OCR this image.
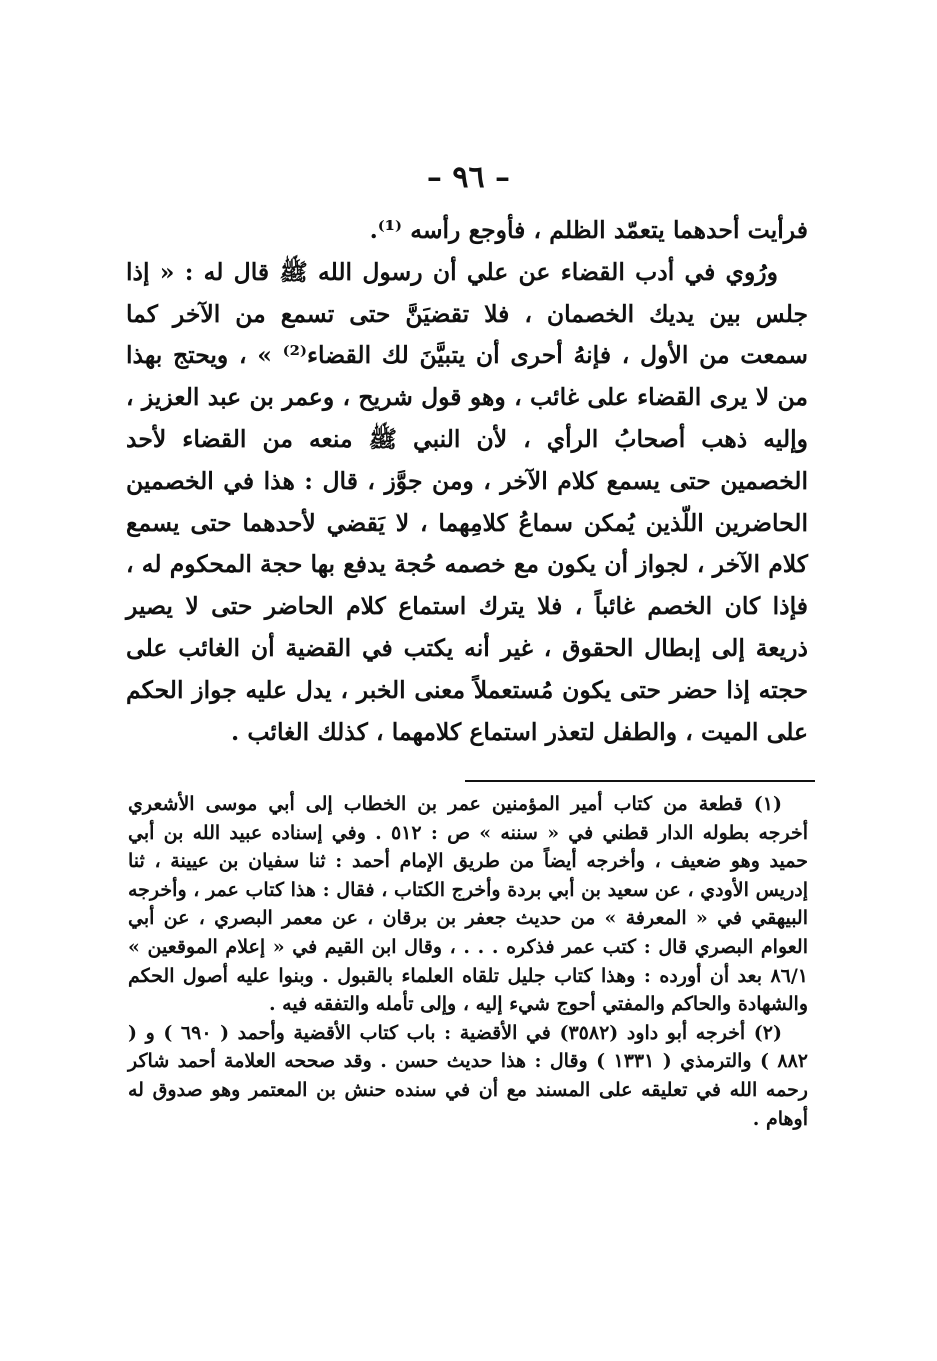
– ٩٦ –

فرأيت أحدهما يتعمّد الظلم ، فأوجع رأسه ⁽¹⁾.

ورُوي في أدب القضاء عن علي أن رسول الله ﷺ قال له : « إذا جلس بين يديك الخصمان ، فلا تقضيَنَّ حتى تسمع من الآخر كما سمعت من الأول ، فإنهُ أحرى أن يتبيَّنَ لك القضاء⁽²⁾ » ، ويحتج بهذا من لا يرى القضاء على غائب ، وهو قول شريح ، وعمر بن عبد العزيز ، وإليه ذهب أصحابُ الرأي ، لأن النبي ﷺ منعه من القضاء لأحد الخصمين حتى يسمع كلام الآخر ، ومن جوَّز ، قال : هذا في الخصمين الحاضرين اللّذين يُمكن سماعُ كلامِهما ، لا يَقضي لأحدهما حتى يسمع كلام الآخر ، لجواز أن يكون مع خصمه حُجة يدفع بها حجة المحكوم له ، فإذا كان الخصم غائباً ، فلا يترك استماع كلام الحاضر حتى لا يصير ذريعة إلى إبطال الحقوق ، غير أنه يكتب في القضية أن الغائب على حجته إذا حضر حتى يكون مُستعملاً معنى الخبر ، يدل عليه جواز الحكم على الميت ، والطفل لتعذر استماع كلامهما ، كذلك الغائب .

(١) قطعة من كتاب أمير المؤمنين عمر بن الخطاب إلى أبي موسى الأشعري أخرجه بطوله الدار قطني في « سننه » ص : ٥١٢ . وفي إسناده عبيد الله بن أبي حميد وهو ضعيف ، وأخرجه أيضاً من طريق الإمام أحمد : ثنا سفيان بن عيينة ، ثنا إدريس الأودي ، عن سعيد بن أبي بردة وأخرج الكتاب ، فقال : هذا كتاب عمر ، وأخرجه البيهقي في « المعرفة » من حديث جعفر بن برقان ، عن معمر البصري ، عن أبي العوام البصري قال : كتب عمر فذكره . . . ، وقال ابن القيم في « إعلام الموقعين » ٨٦/١ بعد أن أورده : وهذا كتاب جليل تلقاه العلماء بالقبول . وبنوا عليه أصول الحكم والشهادة والحاكم والمفتي أحوج شيء إليه ، وإلى تأمله والتفقه فيه .

(٢) أخرجه أبو داود (٣٥٨٢) في الأقضية : باب كتاب الأقضية وأحمد ( ٦٩٠ ) و ( ٨٨٢ ) والترمذي ( ١٣٣١ ) وقال : هذا حديث حسن . وقد صححه العلامة أحمد شاكر رحمه الله في تعليقه على المسند مع أن في سنده حنش بن المعتمر وهو صدوق له أوهام .
